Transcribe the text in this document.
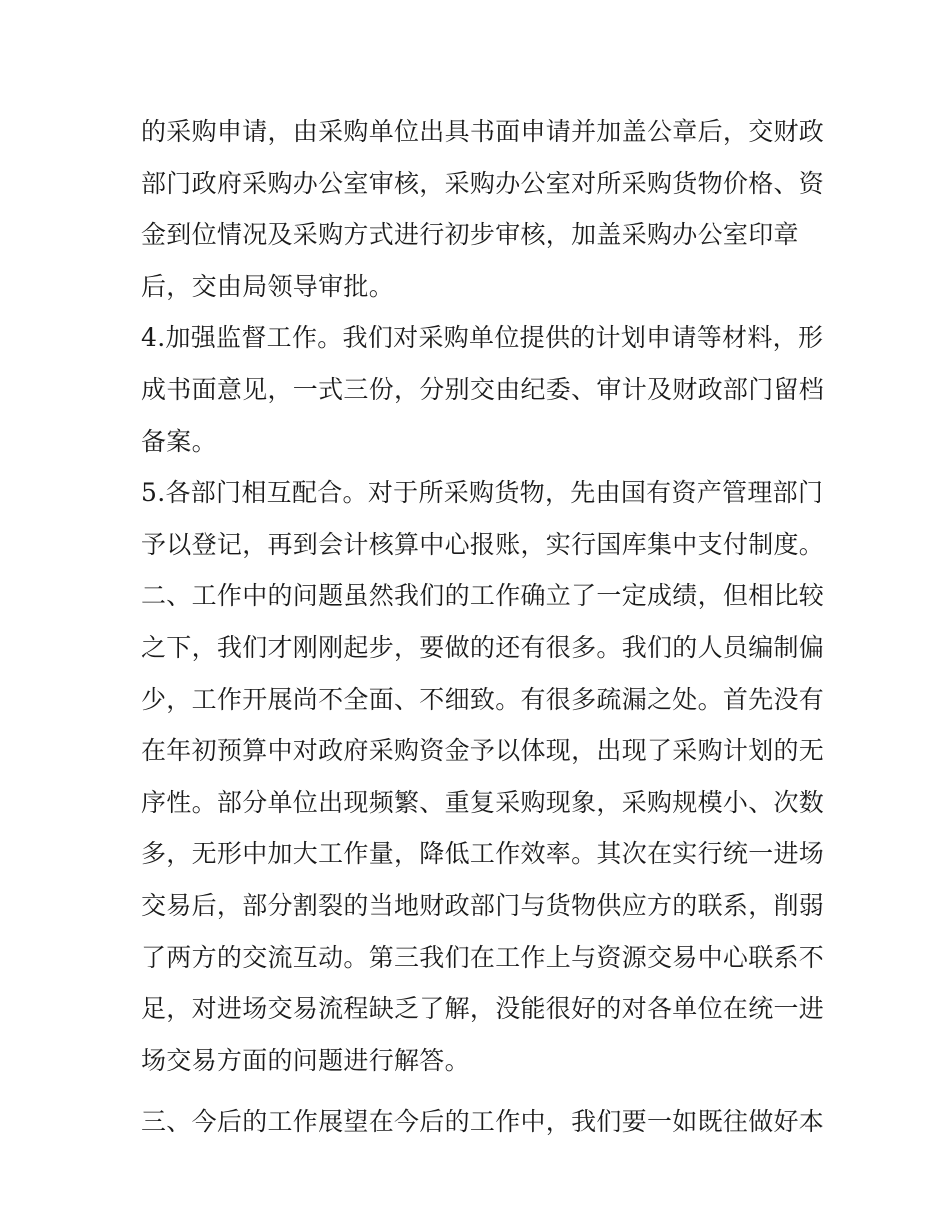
的采购申请，由采购单位出具书面申请并加盖公章后，交财政
部门政府采购办公室审核，采购办公室对所采购货物价格、资
金到位情况及采购方式进行初步审核，加盖采购办公室印章
后，交由局领导审批。
4.加强监督工作。我们对采购单位提供的计划申请等材料，形
成书面意见，一式三份，分别交由纪委、审计及财政部门留档
备案。
5.各部门相互配合。对于所采购货物，先由国有资产管理部门
予以登记，再到会计核算中心报账，实行国库集中支付制度。
二、工作中的问题虽然我们的工作确立了一定成绩，但相比较
之下，我们才刚刚起步，要做的还有很多。我们的人员编制偏
少，工作开展尚不全面、不细致。有很多疏漏之处。首先没有
在年初预算中对政府采购资金予以体现，出现了采购计划的无
序性。部分单位出现频繁、重复采购现象，采购规模小、次数
多，无形中加大工作量，降低工作效率。其次在实行统一进场
交易后，部分割裂的当地财政部门与货物供应方的联系，削弱
了两方的交流互动。第三我们在工作上与资源交易中心联系不
足，对进场交易流程缺乏了解，没能很好的对各单位在统一进
场交易方面的问题进行解答。
三、今后的工作展望在今后的工作中，我们要一如既往做好本
